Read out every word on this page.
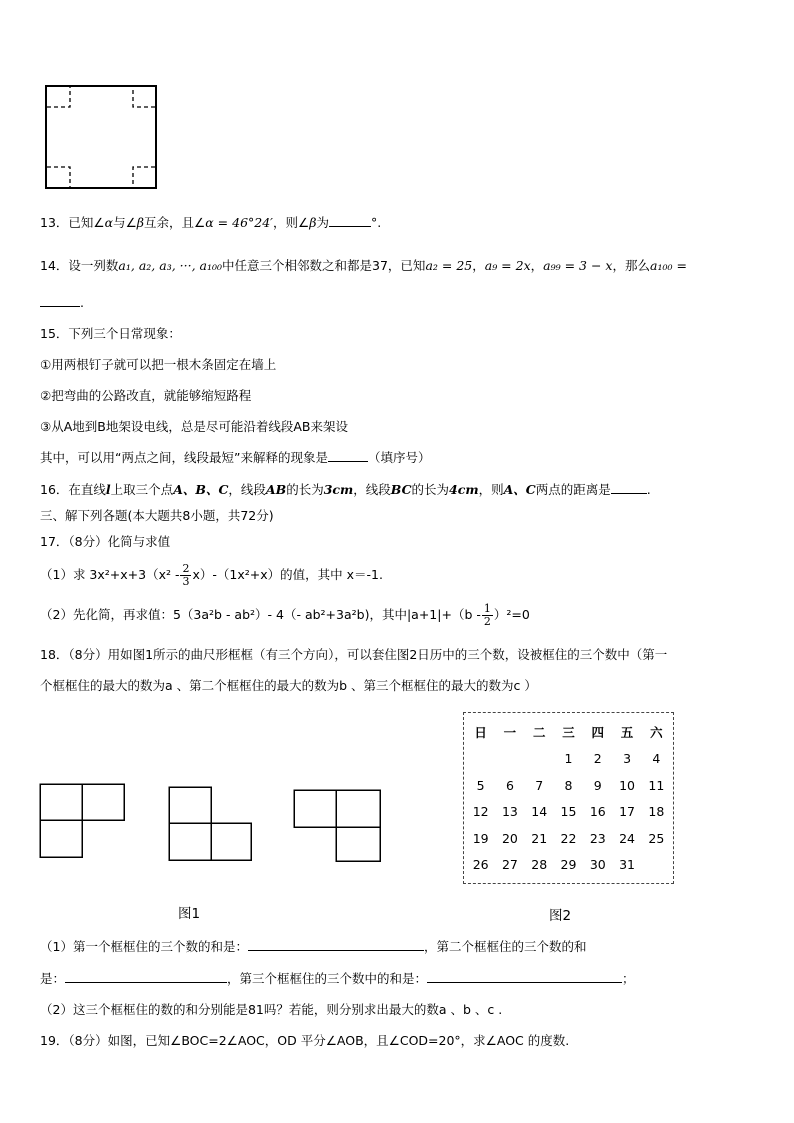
13．已知∠α与∠β互余，且∠α = 46°24′，则∠β为	°.
14．设一列数a₁, a₂, a₃, ···, a₁₀₀中任意三个相邻数之和都是37，已知a₂ = 25，a₉ = 2x，a₉₉ = 3 − x，那么a₁₀₀ =
.
15．下列三个日常现象：
①用两根钉子就可以把一根木条固定在墙上
②把弯曲的公路改直，就能够缩短路程
③从A地到B地架设电线，总是尽可能沿着线段AB来架设
其中，可以用“两点之间，线段最短”来解释的现象是	（填序号）
16．在直线l上取三个点A、B、C，线段AB的长为3cm，线段BC的长为4cm，则A、C两点的距离是	.
三、解下列各题(本大题共8小题，共72分)
17．（8分）化简与求值
（1）求 $3x^2+x+3(x^2 - \frac{2}{3} x)-(1x^2+x)$的值，其中 x＝-1.
（2）先化简，再求值：5（3a²b - ab²）- 4（- ab²+3a²b)，其中$|a+1|+(b - \frac{1}{2} )^2=0$
18．（8分）用如图1所示的曲尺形框框（有三个方向），可以套住图2日历中的三个数，设被框住的三个数中（第一
个框框住的最大的数为a 、第二个框框住的最大的数为b 、第三个框框住的最大的数为c ）
图1
日	一	二	三	四	五	六
			1	2	3	4
5	6	7	8	9	10	11
12	13	14	15	16	17	18
19	20	21	22	23	24	25
26	27	28	29	30	31	
图2
（1）第一个框框住的三个数的和是：	，第二个框框住的三个数的和
是：	，第三个框框住的三个数中的和是：	；
（2）这三个框框住的数的和分别能是81吗？若能，则分别求出最大的数a 、b 、c .
19．（8分）如图，已知∠BOC=2∠AOC，OD 平分∠AOB，且∠COD=20°，求∠AOC 的度数.
